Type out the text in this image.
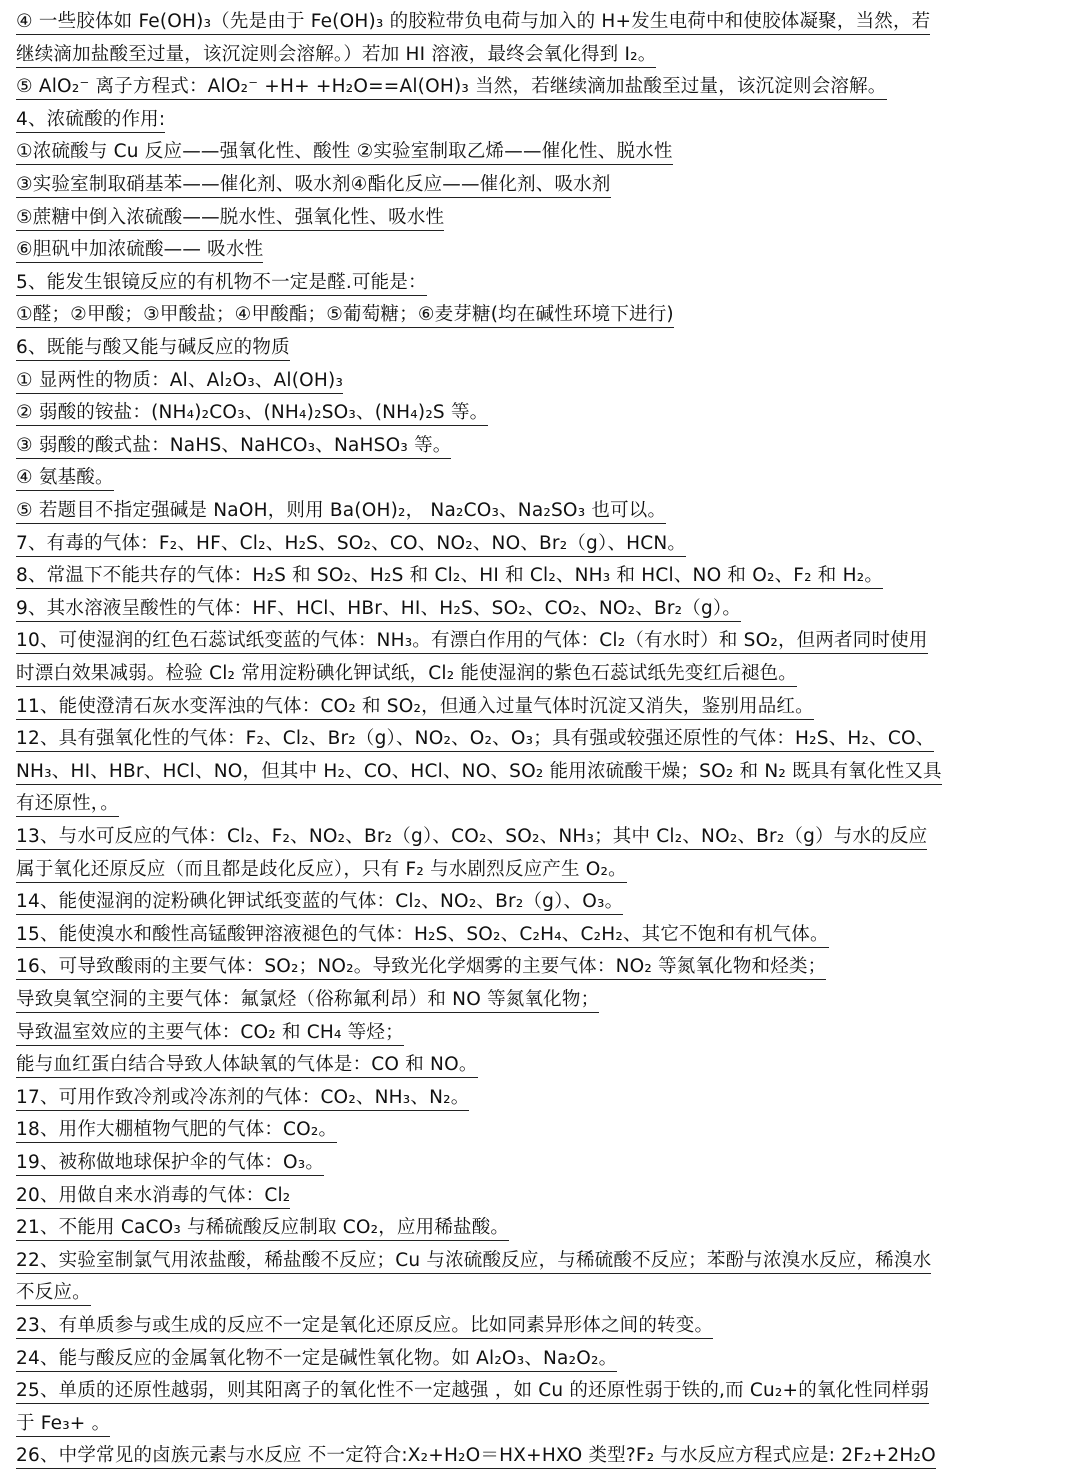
④ 一些胶体如 Fe(OH)₃（先是由于 Fe(OH)₃ 的胶粒带负电荷与加入的 H+发生电荷中和使胶体凝聚，当然，若
继续滴加盐酸至过量，该沉淀则会溶解。）若加 HI 溶液，最终会氧化得到 I₂。
⑤ AlO₂⁻ 离子方程式：AlO₂⁻ +H+ +H₂O==Al(OH)₃ 当然，若继续滴加盐酸至过量，该沉淀则会溶解。
4、浓硫酸的作用:
①浓硫酸与 Cu 反应——强氧化性、酸性 ②实验室制取乙烯——催化性、脱水性
③实验室制取硝基苯——催化剂、吸水剂④酯化反应——催化剂、吸水剂
⑤蔗糖中倒入浓硫酸——脱水性、强氧化性、吸水性
⑥胆矾中加浓硫酸—— 吸水性
5、能发生银镜反应的有机物不一定是醛.可能是：
①醛；②甲酸；③甲酸盐；④甲酸酯；⑤葡萄糖；⑥麦芽糖(均在碱性环境下进行)
6、既能与酸又能与碱反应的物质
① 显两性的物质：Al、Al₂O₃、Al(OH)₃
② 弱酸的铵盐：(NH₄)₂CO₃、(NH₄)₂SO₃、(NH₄)₂S 等。
③ 弱酸的酸式盐：NaHS、NaHCO₃、NaHSO₃ 等。
④ 氨基酸。
⑤ 若题目不指定强碱是 NaOH，则用 Ba(OH)₂， Na₂CO₃、Na₂SO₃ 也可以。
7、有毒的气体：F₂、HF、Cl₂、H₂S、SO₂、CO、NO₂、NO、Br₂（g）、HCN。
8、常温下不能共存的气体：H₂S 和 SO₂、H₂S 和 Cl₂、HI 和 Cl₂、NH₃ 和 HCl、NO 和 O₂、F₂ 和 H₂。
9、其水溶液呈酸性的气体：HF、HCl、HBr、HI、H₂S、SO₂、CO₂、NO₂、Br₂（g）。
10、可使湿润的红色石蕊试纸变蓝的气体：NH₃。有漂白作用的气体：Cl₂（有水时）和 SO₂，但两者同时使用
时漂白效果减弱。检验 Cl₂ 常用淀粉碘化钾试纸，Cl₂ 能使湿润的紫色石蕊试纸先变红后褪色。
11、能使澄清石灰水变浑浊的气体：CO₂ 和 SO₂，但通入过量气体时沉淀又消失，鉴别用品红。
12、具有强氧化性的气体：F₂、Cl₂、Br₂（g）、NO₂、O₂、O₃；具有强或较强还原性的气体：H₂S、H₂、CO、
NH₃、HI、HBr、HCl、NO，但其中 H₂、CO、HCl、NO、SO₂ 能用浓硫酸干燥；SO₂ 和 N₂ 既具有氧化性又具
有还原性，。
13、与水可反应的气体：Cl₂、F₂、NO₂、Br₂（g）、CO₂、SO₂、NH₃；其中 Cl₂、NO₂、Br₂（g）与水的反应
属于氧化还原反应（而且都是歧化反应），只有 F₂ 与水剧烈反应产生 O₂。
14、能使湿润的淀粉碘化钾试纸变蓝的气体：Cl₂、NO₂、Br₂（g）、O₃。
15、能使溴水和酸性高锰酸钾溶液褪色的气体：H₂S、SO₂、C₂H₄、C₂H₂、其它不饱和有机气体。
16、可导致酸雨的主要气体：SO₂；NO₂。导致光化学烟雾的主要气体：NO₂ 等氮氧化物和烃类；
导致臭氧空洞的主要气体：氟氯烃（俗称氟利昂）和 NO 等氮氧化物；
导致温室效应的主要气体：CO₂ 和 CH₄ 等烃；
能与血红蛋白结合导致人体缺氧的气体是：CO 和 NO。
17、可用作致冷剂或冷冻剂的气体：CO₂、NH₃、N₂。
18、用作大棚植物气肥的气体：CO₂。
19、被称做地球保护伞的气体：O₃。
20、用做自来水消毒的气体：Cl₂
21、不能用 CaCO₃ 与稀硫酸反应制取 CO₂，应用稀盐酸。
22、实验室制氯气用浓盐酸，稀盐酸不反应；Cu 与浓硫酸反应，与稀硫酸不反应；苯酚与浓溴水反应，稀溴水
不反应。
23、有单质参与或生成的反应不一定是氧化还原反应。比如同素异形体之间的转变。
24、能与酸反应的金属氧化物不一定是碱性氧化物。如 Al₂O₃、Na₂O₂。
25、单质的还原性越弱，则其阳离子的氧化性不一定越强 ，如 Cu 的还原性弱于铁的,而 Cu₂+的氧化性同样弱
于 Fe₃+ 。
26、中学常见的卤族元素与水反应 不一定符合:X₂+H₂O＝HX+HXO 类型?F₂ 与水反应方程式应是: 2F₂+2H₂O
